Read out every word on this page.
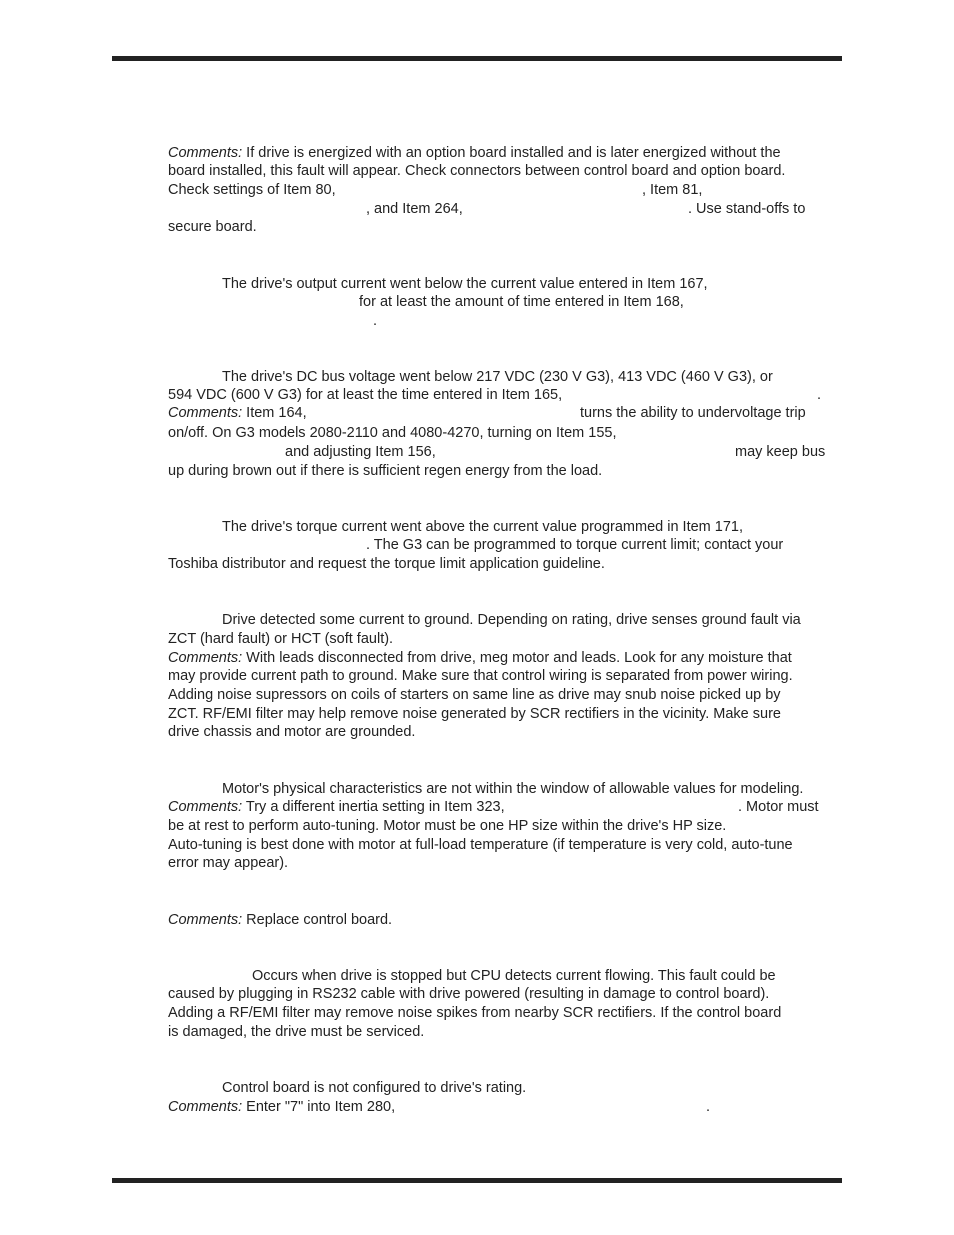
Comments: If drive is energized with an option board installed and is later energized without the
board installed, this fault will appear. Check connectors between control board and option board.
Check settings of Item 80,	, Item 81,
, and Item 264,	. Use stand-offs to
secure board.
The drive's output current went below the current value entered in Item 167,
for at least the amount of time entered in Item 168,
.
The drive's DC bus voltage went below 217 VDC (230 V G3), 413 VDC (460 V G3), or
594 VDC (600 V G3) for at least the time entered in Item 165,	.
Comments: Item 164,	turns the ability to undervoltage trip
on/off. On G3 models 2080-2110 and 4080-4270, turning on Item 155,
and adjusting Item 156,	may keep bus
up during brown out if there is sufficient regen energy from the load.
The drive's torque current went above the current value programmed in Item 171,
. The G3 can be programmed to torque current limit; contact your
Toshiba distributor and request the torque limit application guideline.
Drive detected some current to ground. Depending on rating, drive senses ground fault via
ZCT (hard fault) or HCT (soft fault).
Comments: With leads disconnected from drive, meg motor and leads. Look for any moisture that
may provide current path to ground. Make sure that control wiring is separated from power wiring.
Adding noise supressors on coils of starters on same line as drive may snub noise picked up by
ZCT. RF/EMI filter may help remove noise generated by SCR rectifiers in the vicinity. Make sure
drive chassis and motor are grounded.
Motor's physical characteristics are not within the window of allowable values for modeling.
Comments: Try a different inertia setting in Item 323,	. Motor must
be at rest to perform auto-tuning. Motor must be one HP size within the drive's HP size.
Auto-tuning is best done with motor at full-load temperature (if temperature is very cold, auto-tune
error may appear).
Comments: Replace control board.
Occurs when drive is stopped but CPU detects current flowing. This fault could be
caused by plugging in RS232 cable with drive powered (resulting in damage to control board).
Adding a RF/EMI filter may remove noise spikes from nearby SCR rectifiers. If the control board
is damaged, the drive must be serviced.
Control board is not configured to drive's rating.
Comments: Enter "7" into Item 280,	.
